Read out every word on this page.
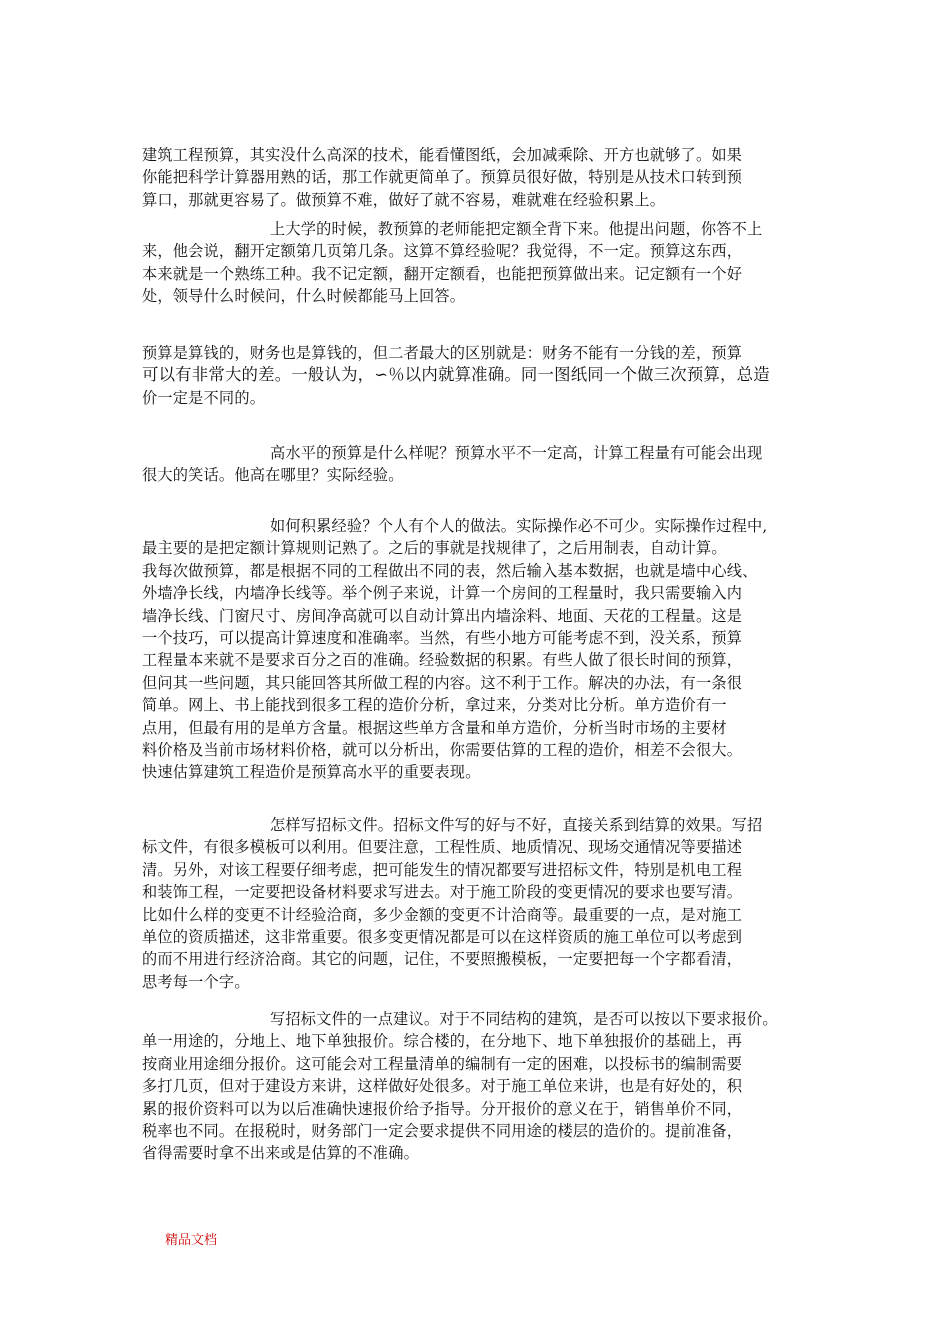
建筑工程预算，其实没什么高深的技术，能看懂图纸，会加减乘除、开方也就够了。如果
你能把科学计算器用熟的话，那工作就更简单了。预算员很好做，特别是从技术口转到预
算口，那就更容易了。做预算不难，做好了就不容易，难就难在经验积累上。
上大学的时候，教预算的老师能把定额全背下来。他提出问题，你答不上
来，他会说，翻开定额第几页第几条。这算不算经验呢？我觉得，不一定。预算这东西，
本来就是一个熟练工种。我不记定额，翻开定额看，也能把预算做出来。记定额有一个好
处，领导什么时候问，什么时候都能马上回答。
预算是算钱的，财务也是算钱的，但二者最大的区别就是：财务不能有一分钱的差，预算
可以有非常大的差。一般认为，∽％以内就算准确。同一图纸同一个做三次预算，总造
价一定是不同的。
高水平的预算是什么样呢？预算水平不一定高，计算工程量有可能会出现
很大的笑话。他高在哪里？实际经验。
如何积累经验？个人有个人的做法。实际操作必不可少。实际操作过程中,
最主要的是把定额计算规则记熟了。之后的事就是找规律了，之后用制表，自动计算。
我每次做预算，都是根据不同的工程做出不同的表，然后输入基本数据，也就是墙中心线、
外墙净长线，内墙净长线等。举个例子来说，计算一个房间的工程量时，我只需要输入内
墙净长线、门窗尺寸、房间净高就可以自动计算出内墙涂料、地面、天花的工程量。这是
一个技巧，可以提高计算速度和准确率。当然，有些小地方可能考虑不到，没关系，预算
工程量本来就不是要求百分之百的准确。经验数据的积累。有些人做了很长时间的预算，
但问其一些问题，其只能回答其所做工程的内容。这不利于工作。解决的办法，有一条很
简单。网上、书上能找到很多工程的造价分析，拿过来，分类对比分析。单方造价有一
点用，但最有用的是单方含量。根据这些单方含量和单方造价，分析当时市场的主要材
料价格及当前市场材料价格，就可以分析出，你需要估算的工程的造价，相差不会很大。
快速估算建筑工程造价是预算高水平的重要表现。
怎样写招标文件。招标文件写的好与不好，直接关系到结算的效果。写招
标文件，有很多模板可以利用。但要注意，工程性质、地质情况、现场交通情况等要描述
清。另外，对该工程要仔细考虑，把可能发生的情况都要写进招标文件，特别是机电工程
和装饰工程，一定要把设备材料要求写进去。对于施工阶段的变更情况的要求也要写清。
比如什么样的变更不计经验洽商，多少金额的变更不计洽商等。最重要的一点，是对施工
单位的资质描述，这非常重要。很多变更情况都是可以在这样资质的施工单位可以考虑到
的而不用进行经济洽商。其它的问题，记住，不要照搬模板，一定要把每一个字都看清，
思考每一个字。
写招标文件的一点建议。对于不同结构的建筑，是否可以按以下要求报价。
单一用途的，分地上、地下单独报价。综合楼的，在分地下、地下单独报价的基础上，再
按商业用途细分报价。这可能会对工程量清单的编制有一定的困难，以投标书的编制需要
多打几页，但对于建设方来讲，这样做好处很多。对于施工单位来讲，也是有好处的，积
累的报价资料可以为以后准确快速报价给予指导。分开报价的意义在于，销售单价不同，
税率也不同。在报税时，财务部门一定会要求提供不同用途的楼层的造价的。提前准备，
省得需要时拿不出来或是估算的不准确。
精品文档
